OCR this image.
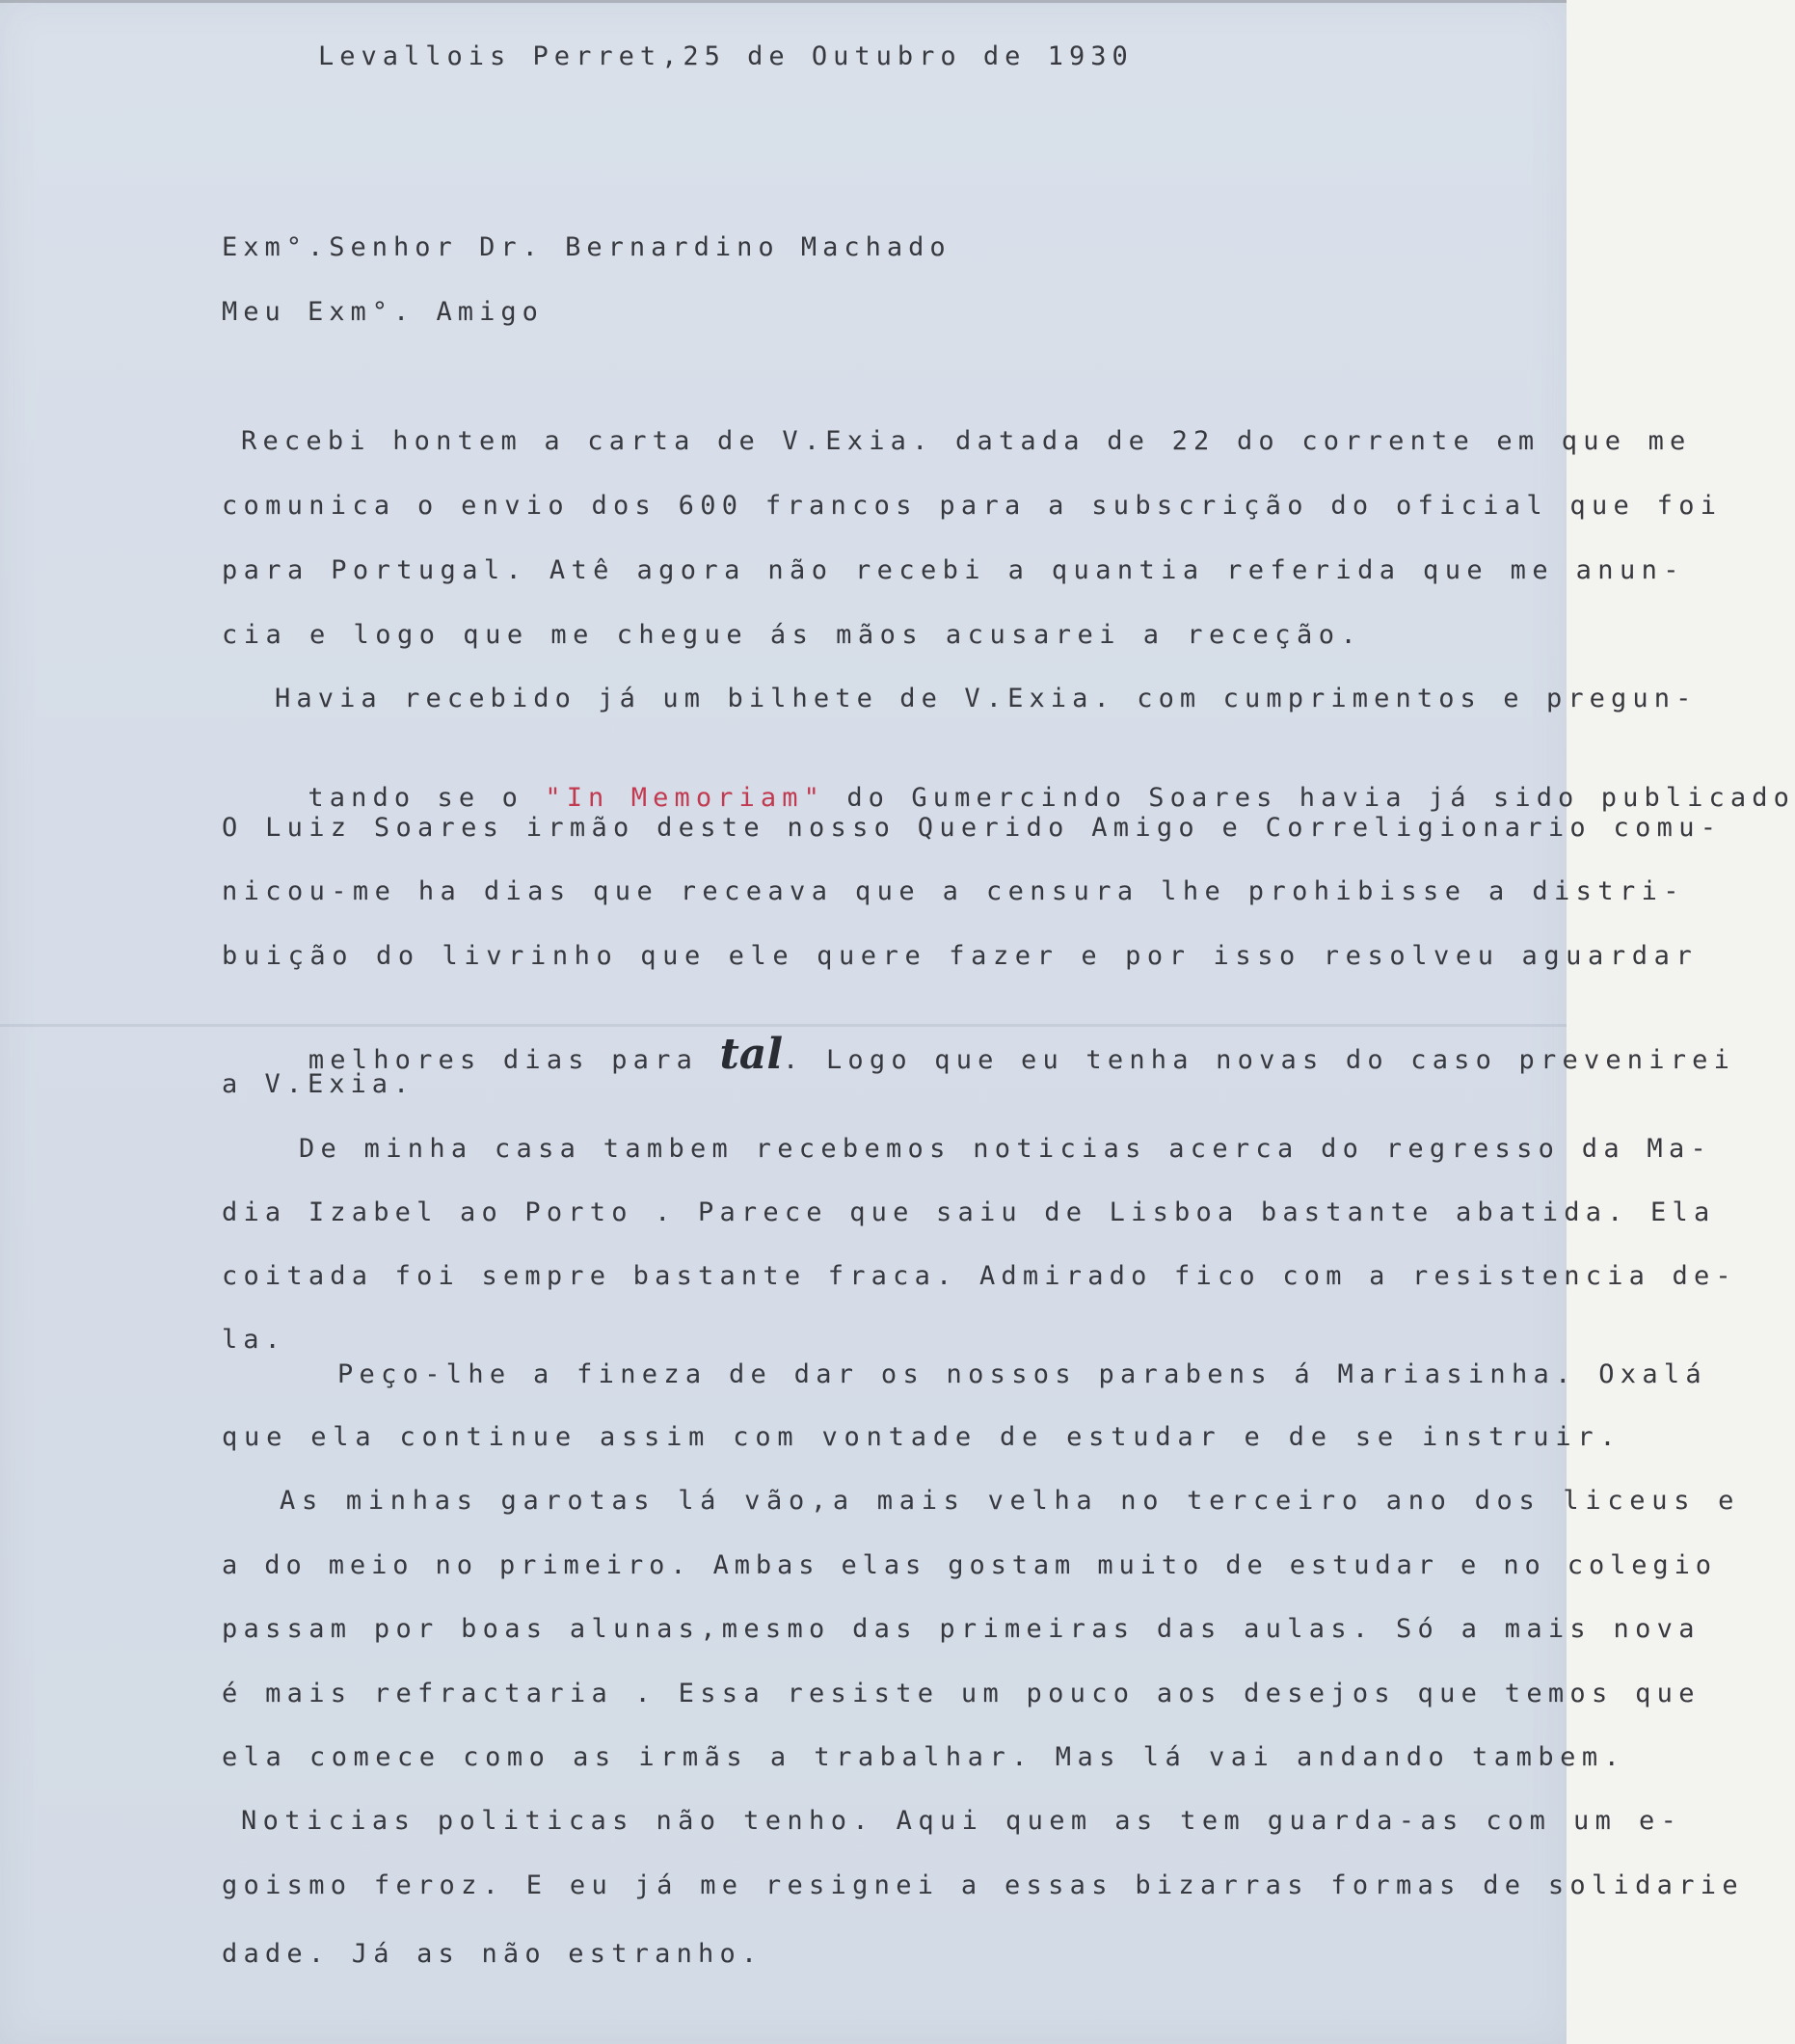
Levallois Perret,25 de Outubro de 1930
Exm°.Senhor Dr. Bernardino Machado
Meu Exm°. Amigo
Recebi hontem a carta de V.Exia. datada de 22 do corrente em que me
comunica o envio dos 600 francos para a subscrição do oficial que foi
para Portugal. Atê agora não recebi a quantia referida que me anun-
cia e logo que me chegue ás mãos acusarei a receção.
Havia recebido já um bilhete de V.Exia. com cumprimentos e pregun-

tando se o "In Memoriam" do Gumercindo Soares havia já sido publicado

O Luiz Soares irmão deste nosso Querido Amigo e Correligionario comu-
nicou-me ha dias que receava que a censura lhe prohibisse a distri-
buição do livrinho que ele quere fazer e por isso resolveu aguardar

melhores dias para tal. Logo que eu tenha novas do caso prevenirei

a V.Exia.
De minha casa tambem recebemos noticias acerca do regresso da Ma-
dia Izabel ao Porto . Parece que saiu de Lisboa bastante abatida. Ela
coitada foi sempre bastante fraca. Admirado fico com a resistencia de-
la.
Peço-lhe a fineza de dar os nossos parabens á Mariasinha. Oxalá
que ela continue assim com vontade de estudar e de se instruir.
As minhas garotas lá vão,a mais velha no terceiro ano dos liceus e
a do meio no primeiro. Ambas elas gostam muito de estudar e no colegio
passam por boas alunas,mesmo das primeiras das aulas. Só a mais nova
é mais refractaria . Essa resiste um pouco aos desejos que temos que
ela comece como as irmãs a trabalhar. Mas lá vai andando tambem.
Noticias politicas não tenho. Aqui quem as tem guarda-as com um e-
goismo feroz. E eu já me resignei a essas bizarras formas de solidarie
dade. Já as não estranho.
